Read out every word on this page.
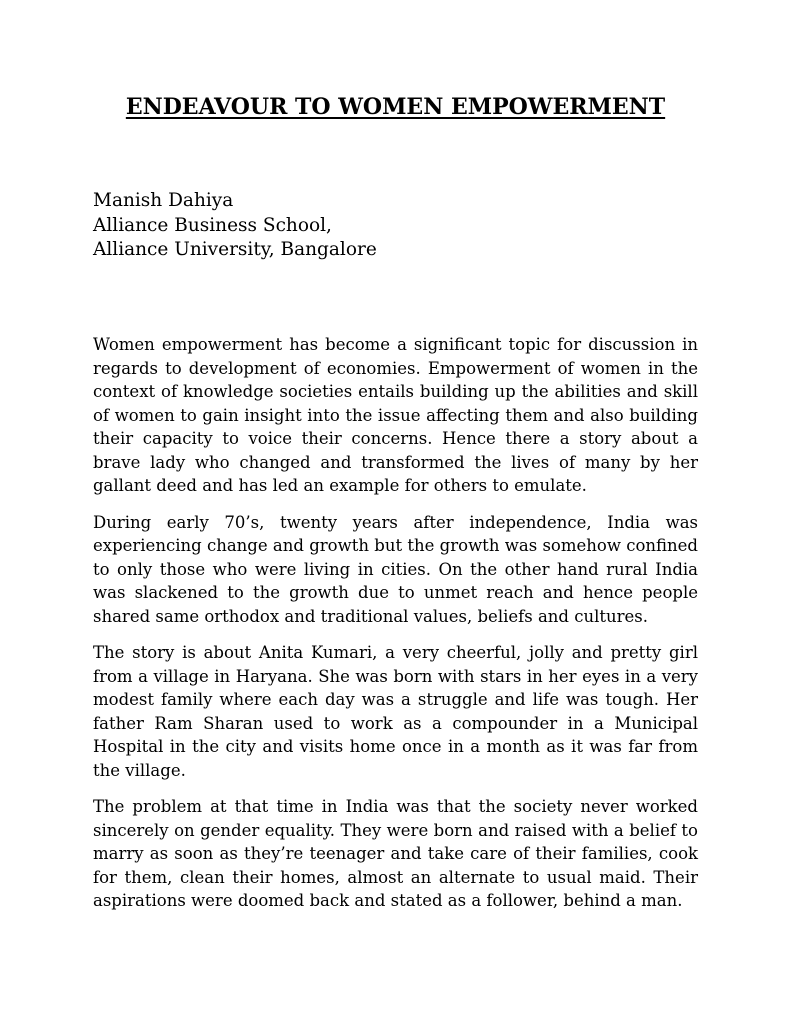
ENDEAVOUR TO WOMEN EMPOWERMENT
Manish Dahiya
Alliance Business School,
Alliance University, Bangalore

Women empowerment has become a significant topic for discussion in regards to development of economies. Empowerment of women in the context of knowledge societies entails building up the abilities and skill of women to gain insight into the issue affecting them and also building their capacity to voice their concerns. Hence there a story about a brave lady who changed and transformed the lives of many by her gallant deed and has led an example for others to emulate.

During early 70’s, twenty years after independence, India was experiencing change and growth but the growth was somehow confined to only those who were living in cities. On the other hand rural India was slackened to the growth due to unmet reach and hence people shared same orthodox and traditional values, beliefs and cultures.

The story is about Anita Kumari, a very cheerful, jolly and pretty girl from a village in Haryana. She was born with stars in her eyes in a very modest family where each day was a struggle and life was tough. Her father Ram Sharan used to work as a compounder in a Municipal Hospital in the city and visits home once in a month as it was far from the village.

The problem at that time in India was that the society never worked sincerely on gender equality. They were born and raised with a belief to marry as soon as they’re teenager and take care of their families, cook for them, clean their homes, almost an alternate to usual maid. Their aspirations were doomed back and stated as a follower, behind a man.
